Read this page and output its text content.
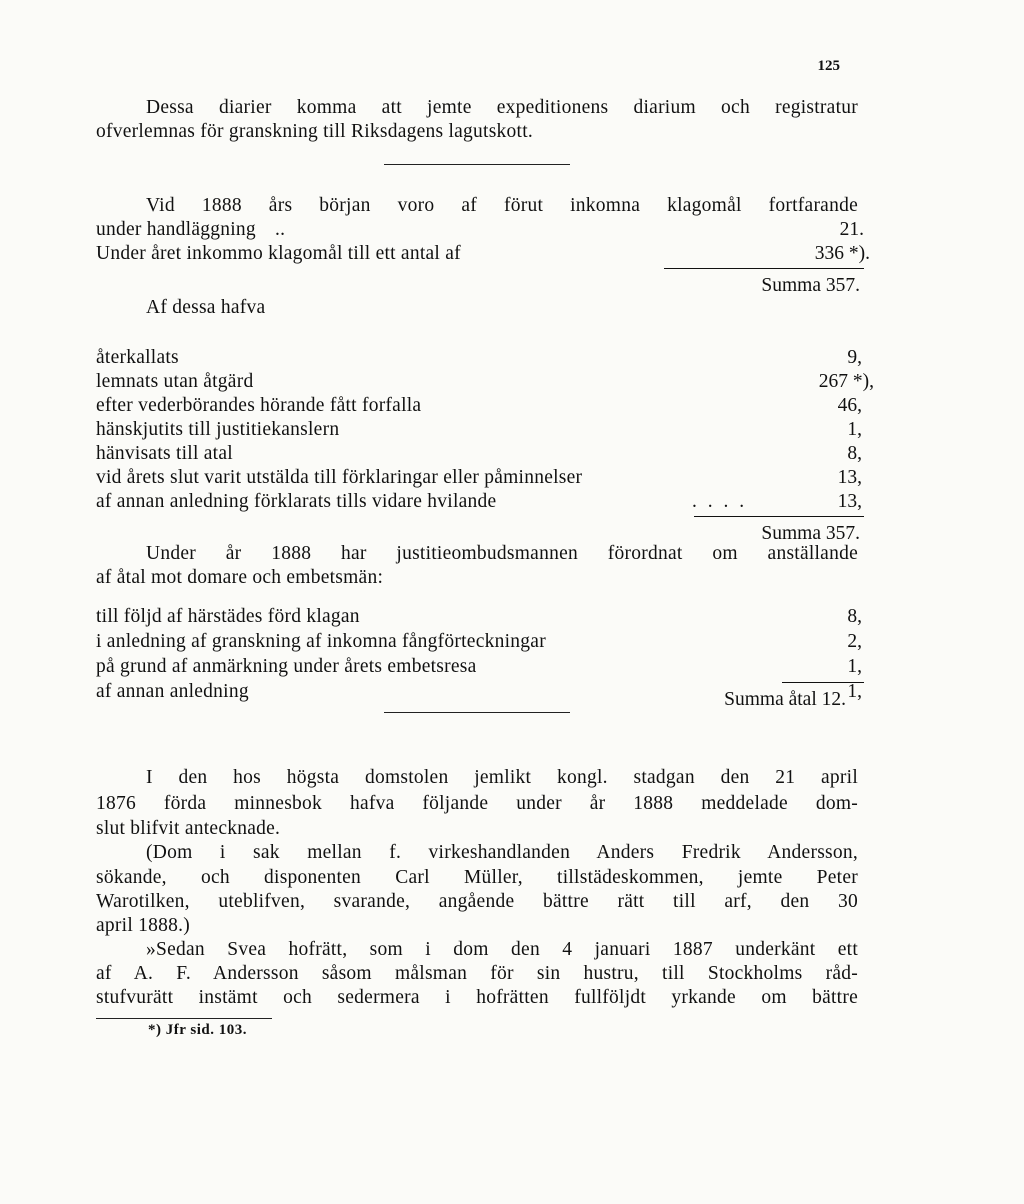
125
Dessa diarier komma att jemte expeditionens diarium och registratur
ofverlemnas för granskning till Riksdagens lagutskott.
Vid 1888 års början voro af förut inkomna klagomål fortfarande
under handläggning ..	21.
Under året inkommo klagomål till ett antal af	336 *).
Summa 357.
Af dessa hafva
återkallats	9,
lemnats utan åtgärd	267 *),
efter vederbörandes hörande fått forfalla	46,
hänskjutits till justitiekanslern	1,
hänvisats till atal	8,
vid årets slut varit utstälda till förklaringar eller påminnelser	13,
af annan anledning förklarats tills vidare hvilande	. . . .	13,
Summa 357.
Under år 1888 har justitieombudsmannen förordnat om anställande
af åtal mot domare och embetsmän:
till följd af härstädes förd klagan	8,
i anledning af granskning af inkomna fångförteckningar	2,
på grund af anmärkning under årets embetsresa	1,
af annan anledning	1,
Summa åtal 12.
I den hos högsta domstolen jemlikt kongl. stadgan den 21 april
1876 förda minnesbok hafva följande under år 1888 meddelade dom-
slut blifvit antecknade.
(Dom i sak mellan f. virkeshandlanden Anders Fredrik Andersson,
sökande, och disponenten Carl Müller, tillstädeskommen, jemte Peter
Warotilken, uteblifven, svarande, angående bättre rätt till arf, den 30
april 1888.)
»Sedan Svea hofrätt, som i dom den 4 januari 1887 underkänt ett
af A. F. Andersson såsom målsman för sin hustru, till Stockholms råd-
stufvurätt instämt och sedermera i hofrätten fullföljdt yrkande om bättre
*) Jfr sid. 103.
